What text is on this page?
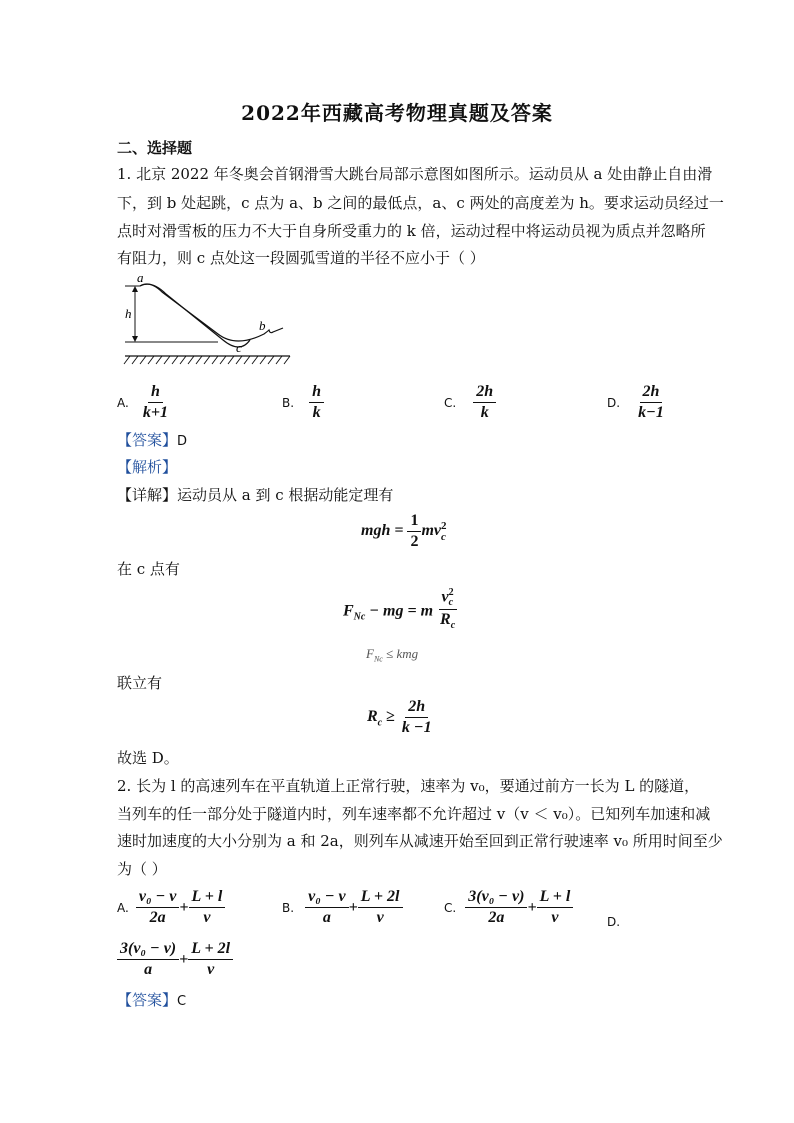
2022年西藏高考物理真题及答案
二、选择题
1. 北京 2022 年冬奥会首钢滑雪大跳台局部示意图如图所示。运动员从 a 处由静止自由滑
下，到 b 处起跳，c 点为 a、b 之间的最低点，a、c 两处的高度差为 h。要求运动员经过一
点时对滑雪板的压力不大于自身所受重力的 k 倍，运动过程中将运动员视为质点并忽略所
有阻力，则 c 点处这一段圆弧雪道的半径不应小于（ ）
a
h
b
c
A. $\frac{h}{k+1}$	B. $\frac{h}{k}$	C. $\frac{2h}{k}$	D. $\frac{2h}{k-1}$
【答案】D
【解析】
【详解】运动员从 a 到 c 根据动能定理有
mgh = $\frac{1}{2}$ mv 2
c
在 c 点有
$F_{Nc}$ − mg = m v 2
c
$R_c$
$F_{Nc}$ ≤ kmg
联立有
$R_c \ge \frac{2h}{k -1}$
故选 D。
2. 长为 l 的高速列车在平直轨道上正常行驶，速率为 v₀，要通过前方一长为 L 的隧道，
当列车的任一部分处于隧道内时，列车速率都不允许超过 v（v ＜ v₀）。已知列车加速和减
速时加速度的大小分别为 a 和 2a，则列车从减速开始至回到正常行驶速率 v₀ 所用时间至少
为（ ）
A. $\frac{\text{v₀ − v}}{2a} + \frac{L + l}{v}$	B. $\frac{\text{v₀ − v}}{a} + \frac{L + 2l}{v}$	C. $\frac{\text{3(v₀ − v)}}{2a} + \frac{L + l}{v}$	D.
$\frac{\text{3(v₀ − v)}}{a} + \frac{L + 2l}{v}$
【答案】C
